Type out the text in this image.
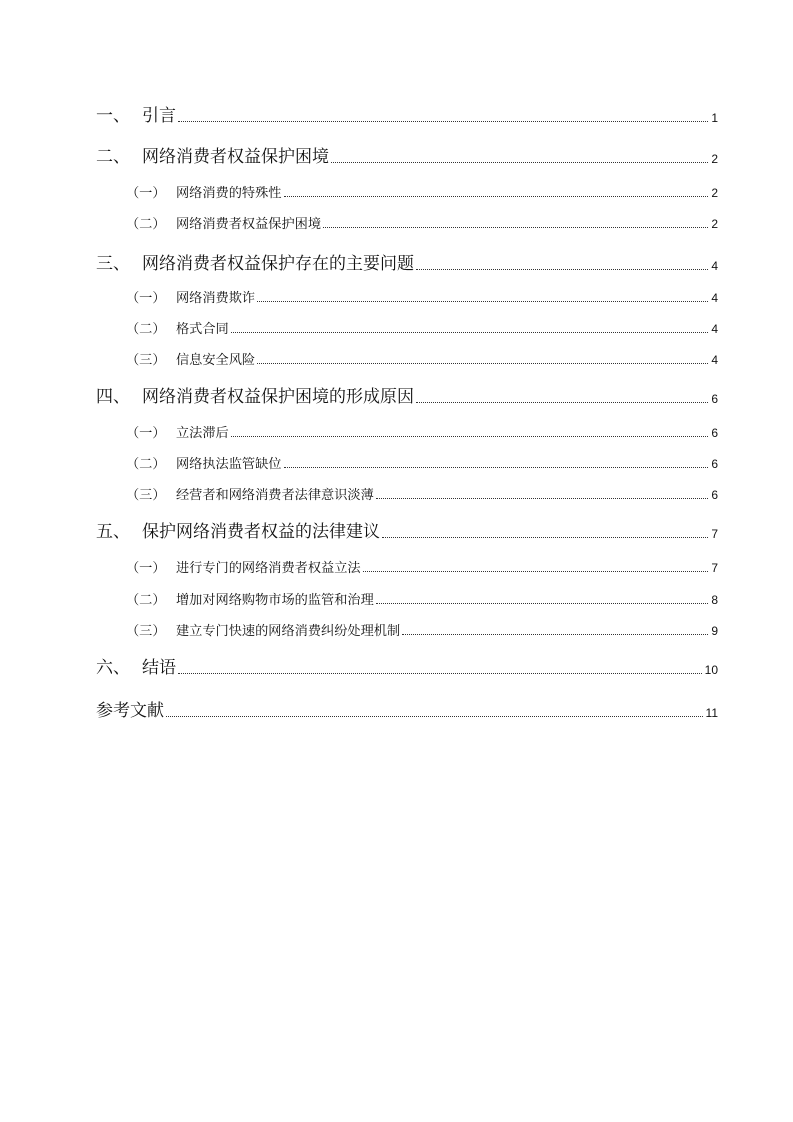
一、 引言	1
二、 网络消费者权益保护困境	2
（一） 网络消费的特殊性	2
（二） 网络消费者权益保护困境	2
三、 网络消费者权益保护存在的主要问题	4
（一） 网络消费欺诈	4
（二） 格式合同	4
（三） 信息安全风险	4
四、 网络消费者权益保护困境的形成原因	6
（一） 立法滞后	6
（二） 网络执法监管缺位	6
（三） 经营者和网络消费者法律意识淡薄	6
五、 保护网络消费者权益的法律建议	7
（一） 进行专门的网络消费者权益立法	7
（二） 增加对网络购物市场的监管和治理	8
（三） 建立专门快速的网络消费纠纷处理机制	9
六、 结语	10
参考文献	11
